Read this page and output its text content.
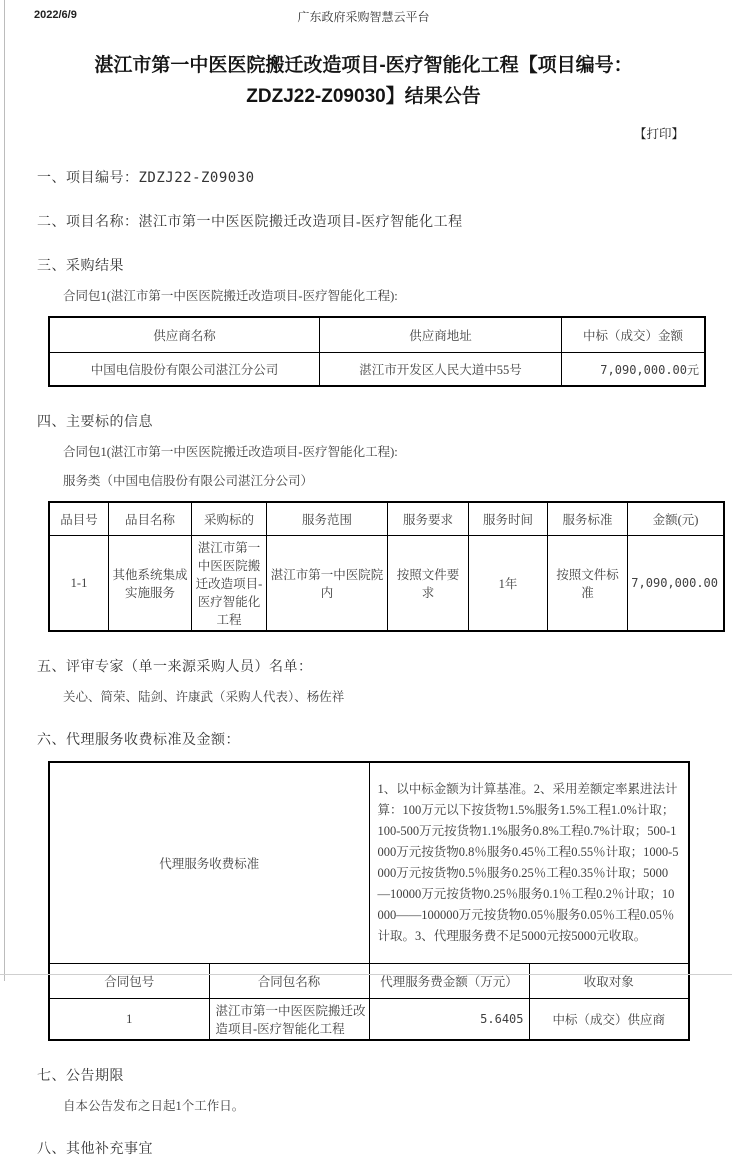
2022/6/9	广东政府采购智慧云平台
湛江市第一中医医院搬迁改造项目-医疗智能化工程【项目编号：ZDZJ22-Z09030】结果公告
【打印】
一、项目编号：ZDZJ22-Z09030
二、项目名称：湛江市第一中医医院搬迁改造项目-医疗智能化工程
三、采购结果
合同包1(湛江市第一中医医院搬迁改造项目-医疗智能化工程):
供应商名称	供应商地址	中标（成交）金额
中国电信股份有限公司湛江分公司	湛江市开发区人民大道中55号	7,090,000.00元
四、主要标的信息
合同包1(湛江市第一中医医院搬迁改造项目-医疗智能化工程):
服务类（中国电信股份有限公司湛江分公司）
品目号	品目名称	采购标的	服务范围	服务要求	服务时间	服务标准	金额(元)
1-1	其他系统集成实施服务	湛江市第一中医医院搬迁改造项目-医疗智能化工程	湛江市第一中医院院内	按照文件要求	1年	按照文件标准	7,090,000.00
五、评审专家（单一来源采购人员）名单：
关心、简荣、陆剑、许康武（采购人代表）、杨佐祥
六、代理服务收费标准及金额：
代理服务收费标准		1、以中标金额为计算基准。2、采用差额定率累进法计算：100万元以下按货物1.5%服务1.5%工程1.0%计取；100-500万元按货物1.1%服务0.8%工程0.7%计取；500-1000万元按货物0.8％服务0.45％工程0.55％计取；1000-5000万元按货物0.5％服务0.25％工程0.35％计取；5000—10000万元按货物0.25％服务0.1％工程0.2％计取；10000——100000万元按货物0.05％服务0.05％工程0.05％计取。3、代理服务费不足5000元按5000元收取。	
合同包号	合同包名称	代理服务费金额（万元）	收取对象
1	湛江市第一中医医院搬迁改造项目-医疗智能化工程	5.6405	中标（成交）供应商
七、公告期限
自本公告发布之日起1个工作日。
八、其他补充事宜
